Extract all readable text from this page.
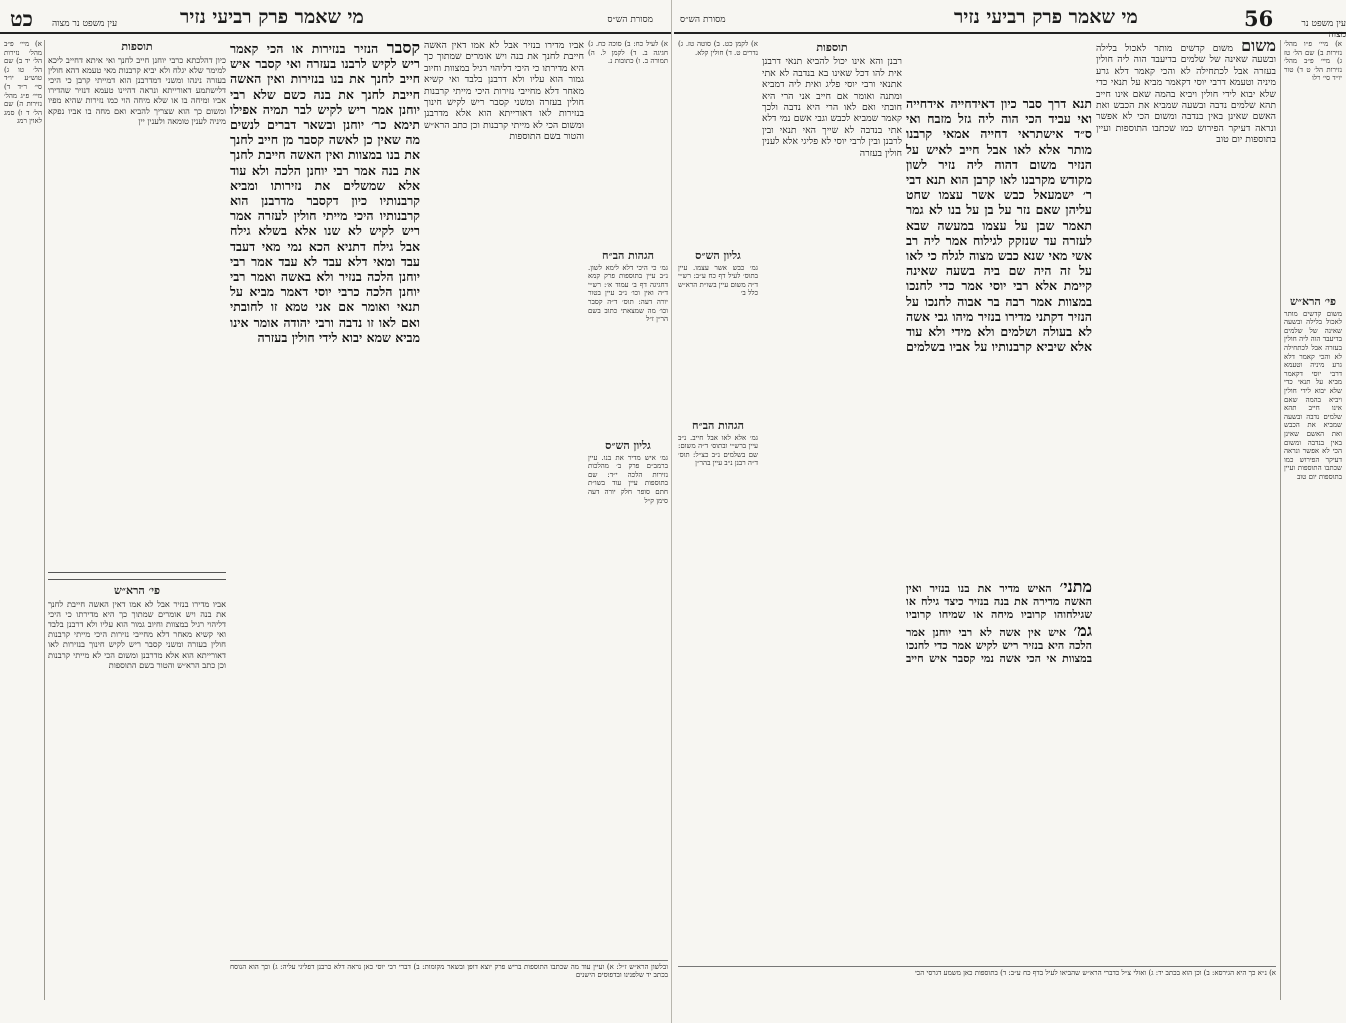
כט	מי שאמר פרק רביעי נזיר	מסורת הש״ס
עין משפט נר מצוה

א) מיי׳ פ״ב מהל׳ נזירות הל׳ יד ב) שם הל׳ טו ג) טוש״ע יו״ד סי׳ ר״ד ד) מיי׳ פ״ג מהל׳ נזירות ה) שם הל׳ ד ו) סמג לאוין רמג

תוספות

כיון דהלכתא כרבי יוחנן חייב לחנך ואי איתא דחייב ליכא למימר שלא יגלח ולא יביא קרבנות מאי טעמא דהא חולין בעזרה נינהו ומשני דמדרבנן הוא דמייתי קרבן כי היכי דלישתמע דאורייתא ונראה דהיינו טעמא דנזיר שהדירו אביו ומיחה בו או שלא מיחה הוי כמו נזירות שהיא מפיו ומשום כך הוא שצריך להביא ואם מחה בו אביו נפקא מיניה לענין טומאה ולענין יין

פי׳ הרא״ש

אביו מדירו בנזיר אבל לא אמו דאין האשה חייבת לחנך את בנה ויש אומרים שמתוך כך היא מדירתו כי היכי דליהוי רגיל במצוות וחיוב גמור הוא עליו ולא דרבנן בלבד ואי קשיא מאחר דלא מחייבי נזירות היכי מייתי קרבנות חולין בעזרה ומשני קסבר ריש לקיש חינוך בנזירות לאו דאורייתא הוא אלא מדרבנן ומשום הכי לא מייתי קרבנות וכן כתב הרא״ש והטור בשם התוספות

קסבר הנזיר בנזירות או הכי קאמר ריש לקיש לרבנו בעזרה ואי קסבר איש חייב לחנך את בנו בנזירות ואין האשה חייבת לחנך את בנה כשם שלא רבי יוחנן אמר ריש לקיש לבר תמיה אפילו תימא כר׳ יוחנן ובשאר דברים לנשים מה שאין כן לאשה קסבר מן חייב לחנך את בנו במצוות ואין האשה חייבת לחנך את בנה אמר רבי יוחנן הלכה ולא עוד אלא שמשלים את נזירותו ומביא קרבנותיו כיון דקסבר מדרבנן הוא קרבנותיו היכי מייתי חולין לעזרה אמר ריש לקיש לא שנו אלא בשלא גילח אבל גילח דתניא הכא נמי מאי דעבד עבד ומאי דלא עבד לא עבד אמר רבי יוחנן הלכה בנזיר ולא באשה ואמר רבי יוחנן הלכה כרבי יוסי דאמר מביא על תנאי ואומר אם אני טמא זו לחובתי ואם לאו זו נדבה ורבי יהודה אומר אינו מביא שמא יבוא לידי חולין בעזרה

אביו מדירו בנזיר אבל לא אמו דאין האשה חייבת לחנך את בנה ויש אומרים שמתוך כך היא מדירתו כי היכי דליהוי רגיל במצוות וחיוב גמור הוא עליו ולא דרבנן בלבד ואי קשיא מאחר דלא מחייבי נזירות היכי מייתי קרבנות חולין בעזרה ומשני קסבר ריש לקיש חינוך בנזירות לאו דאורייתא הוא אלא מדרבנן ומשום הכי לא מייתי קרבנות וכן כתב הרא״ש והטור בשם התוספות

א) לעיל כח: ב) סוכה כח. ג) חגיגה ב. ד) לקמן ל. ה) תמורה ב. ו) כתובות נ.

הגהות הב״ח

גמ׳ כי היכי דלא לימא לשון. נ״ב עיין בתוספות פרק קמא דחגיגה דף ב׳ עמוד א׳: רש״י ד״ה ואין וכו׳ נ״ב עיין בטור יורה דעה: תוס׳ ד״ה קסבר וכו׳ מה שמצאתי כתוב בשם הר״ן ז״ל

גליון הש״ס

גמ׳ איש מדיר את בנו. עיין ברמב״ם פרק ב׳ מהלכות נזירות הלכה י״ד: שם בתוספות עיין עוד בשו״ת חתם סופר חלק יורה דעה סימן ק״ל

ובלשון הרא״ש ז״ל: א) ועיין עוד מה שכתבו התוספות בריש פרק יוצא דופן ובשאר מקומות: ב) דברי רבי יוסי כאן נראה דלא כרבנן דפליגי עליה: ג) וכך הוא הנוסח בכתב יד שלפנינו ובדפוסים הישנים
מסורת הש״ס	מי שאמר פרק רביעי נזיר	56	עין משפט נר מצוה

א) לקמן כט. ב) סוטה טז. ג) נדרים ט. ד) חולין קלא.

גליון הש״ס

גמ׳ כבש אשר עצמו. עיין בתוס׳ לעיל דף כח ע״ב: רש״י ד״ה משום עיין בשו״ת הרא״ש כלל ב׳

הגהות הב״ח

גמ׳ אלא לאו אבל חייב. נ״ב עיין ברש״י ובתוס׳ ד״ה משום: שם בשלמים נ״ב כצ״ל: תוס׳ ד״ה רבנן נ״ב עיין בהר״ן

תוספות

רבנן והא אינו יכול להביא תנאי דרבנן אית להו דכל שאינו בא בנדבה לא אתי אתנאי ורבי יוסי פליג ואית ליה דמביא ומתנה ואומר אם חייב אני הרי היא חובתי ואם לאו הרי היא נדבה ולכך קאמר שמביא לכבש וגבי אשם נמי דלא אתי בנדבה לא שייך האי תנאי ובין לרבנן ובין לרבי יוסי לא פליגי אלא לענין חולין בעזרה

תנא דרך סבר כיון דאידחייה אידחייה ואי עביד הכי הוה ליה גזל מזבח ואי ס״ד אישתראי דחייה אמאי קרבנו מותר אלא לאו אבל חייב לאיש על הנזיר משום דהוה ליה נזיר לשון מקודש מקרבנו לאו קרבן הוא תנא דבי ר׳ ישמעאל כבש אשר עצמו שחט עליהן שאם נזר על בן על בנו לא גמר תאמר שבן על עצמו במעשה שבא לעזרה עד שנזקק לגילוח אמר ליה רב אשי מאי שנא כבש מצוה לגלח כי לאו על זה היה שם ביה בשעה שאינה קיימת אלא רבי יוסי אמר כדי לחנכו במצוות אמר רבה בר אבוה לחנכו על הנזיר דקתני מדירו בנזיר מיהו גבי אשה לא בעולה ושלמים ולא מידי ולא עוד אלא שיביא קרבנותיו על אביו בשלמים
מתני׳ האיש מדיר את בנו בנזיר ואין האשה מדירה את בנה בנזיר כיצד גילח או שגילחוהו קרוביו מיחה או שמיחו קרוביו
גמ׳ איש אין אשה לא רבי יוחנן אמר הלכה היא בנזיר ריש לקיש אמר כדי לחנכו במצוות אי הכי אשה נמי קסבר איש חייב
משום משום קדשים מותר לאכול בלילה ובשעה שאינה של שלמים בדיעבד הוה ליה חולין בעזרה אבל לכתחילה לא והכי קאמר דלא גרע מיניה וטעמא דרבי יוסי דקאמר מביא על תנאי כדי שלא יבוא לידי חולין ויביא בהמה שאם אינו חייב תהא שלמים נדבה ובשעה שמביא את הכבש ואת האשם שאינן באין בנדבה ומשום הכי לא אפשר ונראה דעיקר הפירוש כמו שכתבו התוספות ועיין בתוספות יום טוב

א) מיי׳ פ״ו מהל׳ נזירות ב) שם הל׳ טז ג) מיי׳ פ״ב מהל׳ נזירות הל׳ ט ד) טור יו״ד סי׳ רלו

פי׳ הרא״ש

משום קדשים מותר לאכול בלילה ובשעה שאינה של שלמים בדיעבד הוה ליה חולין בעזרה אבל לכתחילה לא והכי קאמר דלא גרע מיניה וטעמא דרבי יוסי דקאמר מביא על תנאי כדי שלא יבוא לידי חולין ויביא בהמה שאם אינו חייב תהא שלמים נדבה ובשעה שמביא את הכבש ואת האשם שאינן באין בנדבה ומשום הכי לא אפשר ונראה דעיקר הפירוש כמו שכתבו התוספות ועיין בתוספות יום טוב

א) נ״א כך היא הגירסא: ב) וכן הוא בכתב יד: ג) ואולי צ״ל כדברי הרא״ש שהביאו לעיל בדף כח ע״ב: ד) בתוספות כאן משמע דגרסי הכי
